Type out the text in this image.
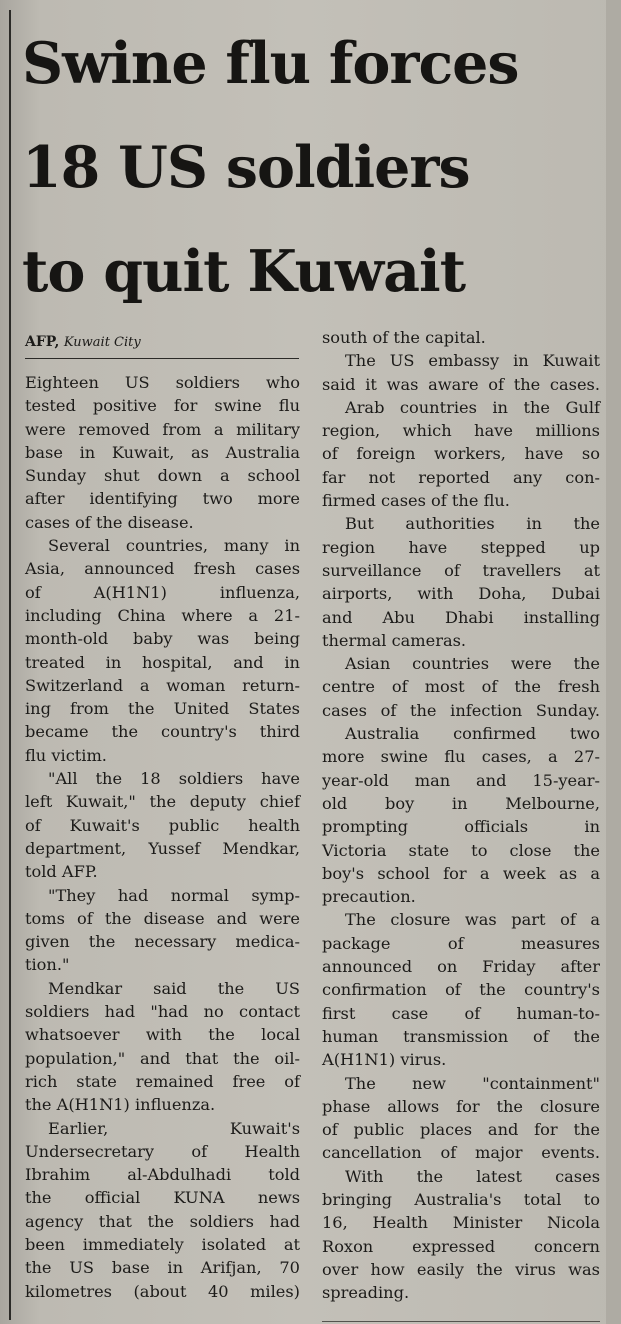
Swine flu forces
18 US soldiers
to quit Kuwait
AFP, Kuwait City
Eighteen US soldiers who
tested positive for swine flu
were removed from a military
base in Kuwait, as Australia
Sunday shut down a school
after identifying two more
cases of the disease.
Several countries, many in
Asia, announced fresh cases
of A(H1N1) influenza,
including China where a 21-
month-old baby was being
treated in hospital, and in
Switzerland a woman return-
ing from the United States
became the country's third
flu victim.
"All the 18 soldiers have
left Kuwait," the deputy chief
of Kuwait's public health
department, Yussef Mendkar,
told AFP.
"They had normal symp-
toms of the disease and were
given the necessary medica-
tion."
Mendkar said the US
soldiers had "had no contact
whatsoever with the local
population," and that the oil-
rich state remained free of
the A(H1N1) influenza.
Earlier, Kuwait's
Undersecretary of Health
Ibrahim al-Abdulhadi told
the official KUNA news
agency that the soldiers had
been immediately isolated at
the US base in Arifjan, 70
kilometres (about 40 miles)
south of the capital.
The US embassy in Kuwait
said it was aware of the cases.
Arab countries in the Gulf
region, which have millions
of foreign workers, have so
far not reported any con-
firmed cases of the flu.
But authorities in the
region have stepped up
surveillance of travellers at
airports, with Doha, Dubai
and Abu Dhabi installing
thermal cameras.
Asian countries were the
centre of most of the fresh
cases of the infection Sunday.
Australia confirmed two
more swine flu cases, a 27-
year-old man and 15-year-
old boy in Melbourne,
prompting officials in
Victoria state to close the
boy's school for a week as a
precaution.
The closure was part of a
package of measures
announced on Friday after
confirmation of the country's
first case of human-to-
human transmission of the
A(H1N1) virus.
The new "containment"
phase allows for the closure
of public places and for the
cancellation of major events.
With the latest cases
bringing Australia's total to
16, Health Minister Nicola
Roxon expressed concern
over how easily the virus was
spreading.
